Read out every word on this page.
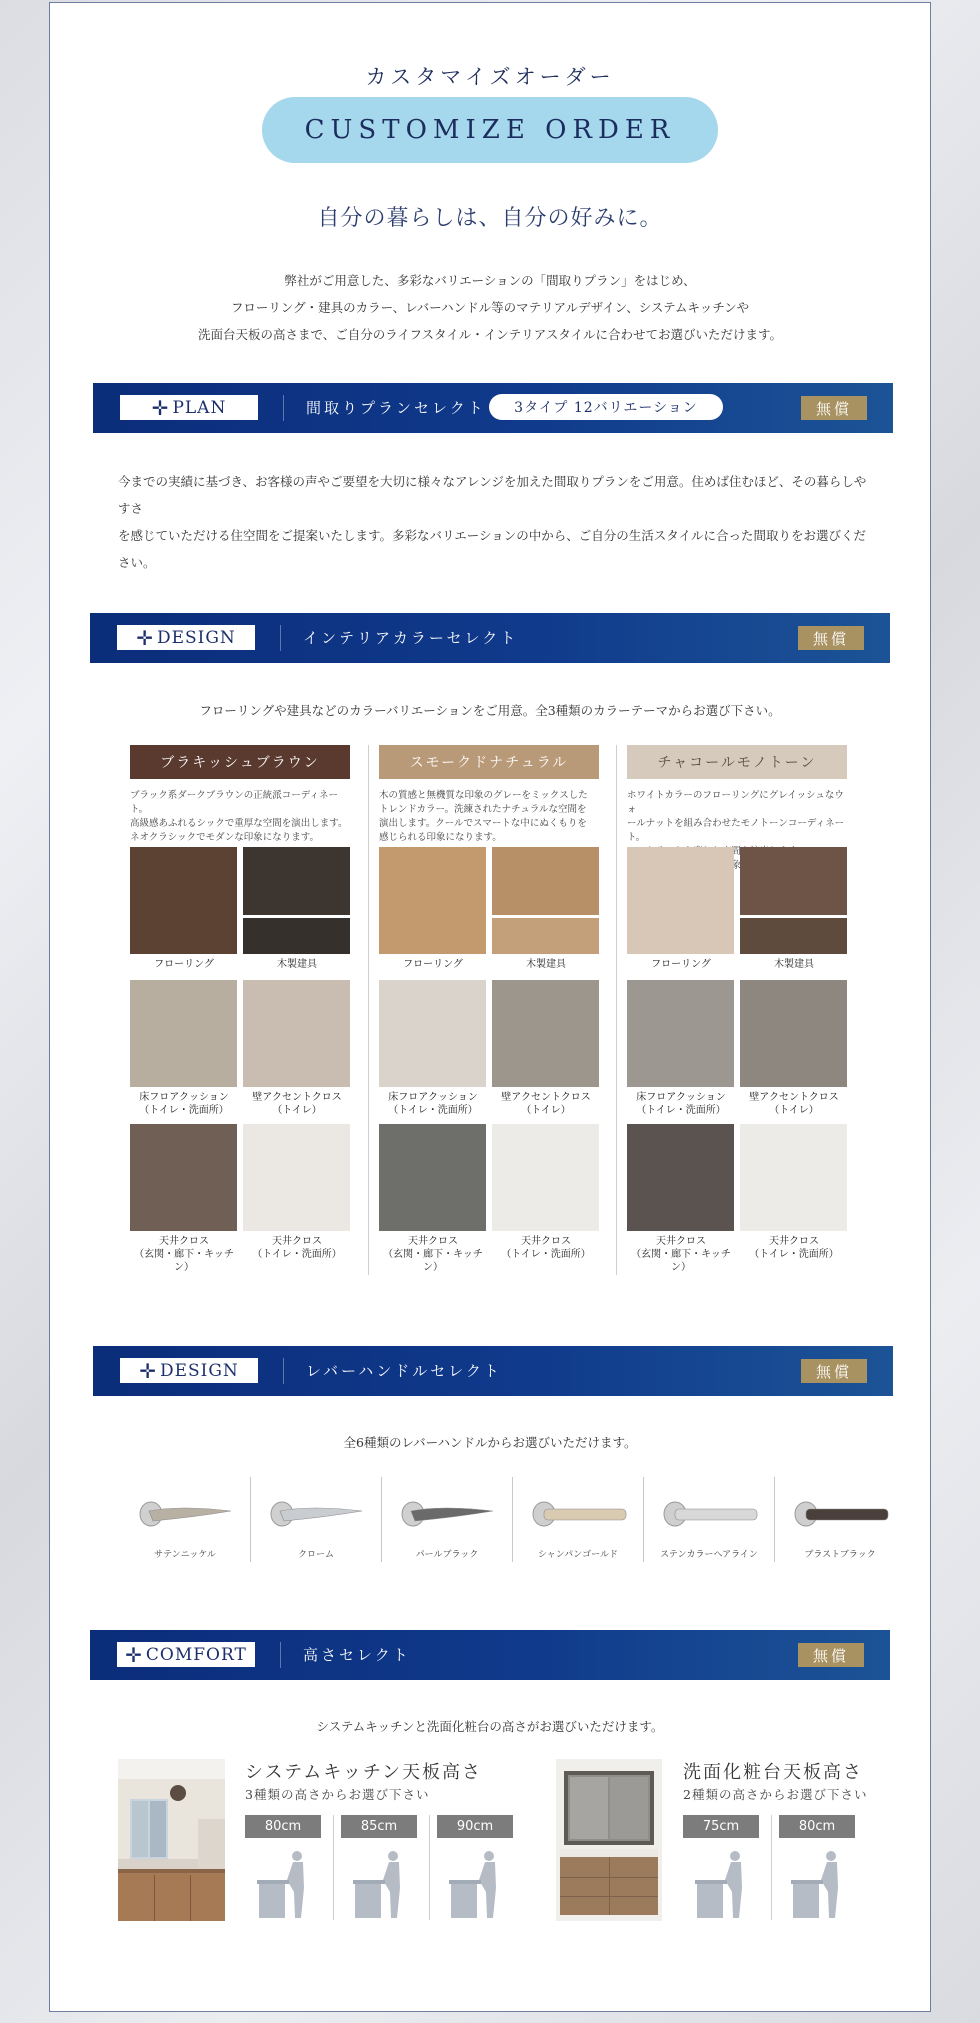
カスタマイズオーダー
CUSTOMIZE ORDER
自分の暮らしは、自分の好みに。
弊社がご用意した、多彩なバリエーションの「間取りプラン」をはじめ、
フローリング・建具のカラー、レバーハンドル等のマテリアルデザイン、システムキッチンや
洗面台天板の高さまで、ご自分のライフスタイル・インテリアスタイルに合わせてお選びいただけます。
✛ PLAN	間取りプランセレクト	3タイプ 12バリエーション	無償
今までの実績に基づき、お客様の声やご要望を大切に様々なアレンジを加えた間取りプランをご用意。住めば住むほど、その暮らしやすさ
を感じていただける住空間をご提案いたします。多彩なバリエーションの中から、ご自分の生活スタイルに合った間取りをお選びください。
✛ DESIGN	インテリアカラーセレクト	無償
フローリングや建具などのカラーバリエーションをご用意。全3種類のカラーテーマからお選び下さい。
✛ DESIGN	レバーハンドルセレクト	無償
全6種類のレバーハンドルからお選びいただけます。
サテンニッケル	クローム	パールブラック	シャンパンゴールド	ステンカラーヘアライン	ブラストブラック
✛ COMFORT	高さセレクト	無償
システムキッチンと洗面化粧台の高さがお選びいただけます。
システムキッチン天板高さ
3種類の高さからお選び下さい
80cm	85cm	90cm
洗面化粧台天板高さ
2種類の高さからお選び下さい
75cm	80cm
ブラキッシュブラウン
ブラック系ダークブラウンの正統派コーディネート。
高級感あふれるシックで重厚な空間を演出します。
ネオクラシックでモダンな印象になります。
フローリング	木製建具
床フロアクッション
（トイレ・洗面所）
壁アクセントクロス
（トイレ）
天井クロス
（玄関・廊下・キッチン）
天井クロス
（トイレ・洗面所）
スモークドナチュラル
木の質感と無機質な印象のグレーをミックスした
トレンドカラー。洗練されたナチュラルな空間を
演出します。クールでスマートな中にぬくもりを
感じられる印象になります。
フローリング	木製建具
床フロアクッション
（トイレ・洗面所）
壁アクセントクロス
（トイレ）
天井クロス
（玄関・廊下・キッチン）
天井クロス
（トイレ・洗面所）
チャコールモノトーン
ホワイトカラーのフローリングにグレイッシュなウォ
ールナットを組み合わせたモノトーンコーディネート。
フローリング	木製建具
床フロアクッション
（トイレ・洗面所）
壁アクセントクロス
（トイレ）
天井クロス
（玄関・廊下・キッチン）
天井クロス
（トイレ・洗面所）
